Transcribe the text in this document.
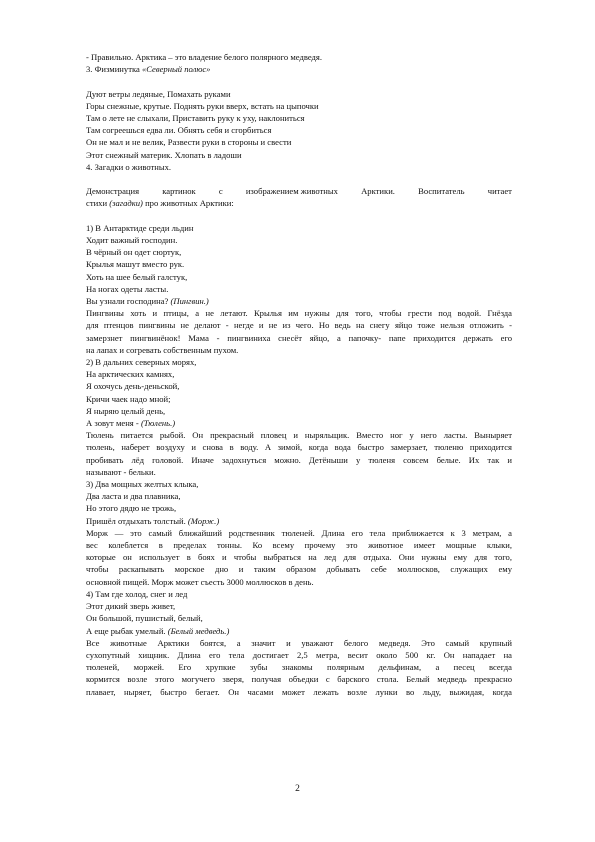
- Правильно. Арктика – это владение белого полярного медведя.
3. Физминутка «Северный полюс»
Дуют ветры ледяные, Помахать руками
Горы снежные, крутые. Поднять руки вверх, встать на цыпочки
Там о лете не слыхали, Приставить руку к уху, наклониться
Там согреешься едва ли. Обнять себя и сгорбиться
Он не мал и не велик, Развести руки в стороны и свести
Этот снежный материк. Хлопать в ладоши
4. Загадки о животных.
Демонстрация	картинок	с	изображением животных	Арктики.	Воспитатель	читает
стихи (загадки) про животных Арктики:
1) В Антарктиде среди льдин
Ходит важный господин.
В чёрный он одет сюртук,
Крылья машут вместо рук.
Хоть на шее белый галстук,
На ногах одеты ласты.
Вы узнали господина? (Пингвин.)
Пингвины хоть и птицы, а не летают. Крылья им нужны для того, чтобы грести под водой. Гнёзда
для птенцов пингвины не делают - негде и не из чего. Но ведь на снегу яйцо тоже нельзя отложить -
замерзнет пингвинёнок! Мама - пингвиниха снесёт яйцо, а папочку- папе приходится держать его
на лапах и согревать собственным пухом.
2) В дальних северных морях,
На арктических камнях,
Я охочусь день-деньской,
Кричи чаек надо мной;
Я ныряю целый день,
А зовут меня - (Тюлень.)
Тюлень питается рыбой. Он прекрасный пловец и ныряльщик. Вместо ног у него ласты. Выныряет
тюлень, наберет воздуху и снова в воду. А зимой, когда вода быстро замерзает, тюленю приходится
пробивать лёд головой. Иначе задохнуться можно. Детёныши у тюленя совсем белые. Их так и
называют - бельки.
3) Два мощных желтых клыка,
Два ласта и два плавника,
Но этого дядю не трожь,
Пришёл отдыхать толстый. (Морж.)
Морж — это самый ближайший родственник тюленей. Длина его тела приближается к 3 метрам, а
вес колеблется в пределах тонны. Ко всему прочему это животное имеет мощные клыки,
которые он использует в боях и чтобы выбраться на лед для отдыха. Они нужны ему для того,
чтобы раскапывать морское дно и таким образом добывать себе моллюсков, служащих ему
основной пищей. Морж может съесть 3000 моллюсков в день.
4) Там где холод, снег и лед
Этот дикий зверь живет,
Он большой, пушистый, белый,
А еще рыбак умелый. (Белый медведь.)
Все животные Арктики боятся, а значит и уважают белого медведя. Это самый крупный
сухопутный хищник. Длина его тела достигает 2,5 метра, весит около 500 кг. Он нападает на
тюленей, моржей. Его хрупкие зубы знакомы полярным дельфинам, а песец всегда
кормится возле этого могучего зверя, получая объедки с барского стола. Белый медведь прекрасно
плавает, ныряет, быстро бегает. Он часами может лежать возле лунки во льду, выжидая, когда
2
